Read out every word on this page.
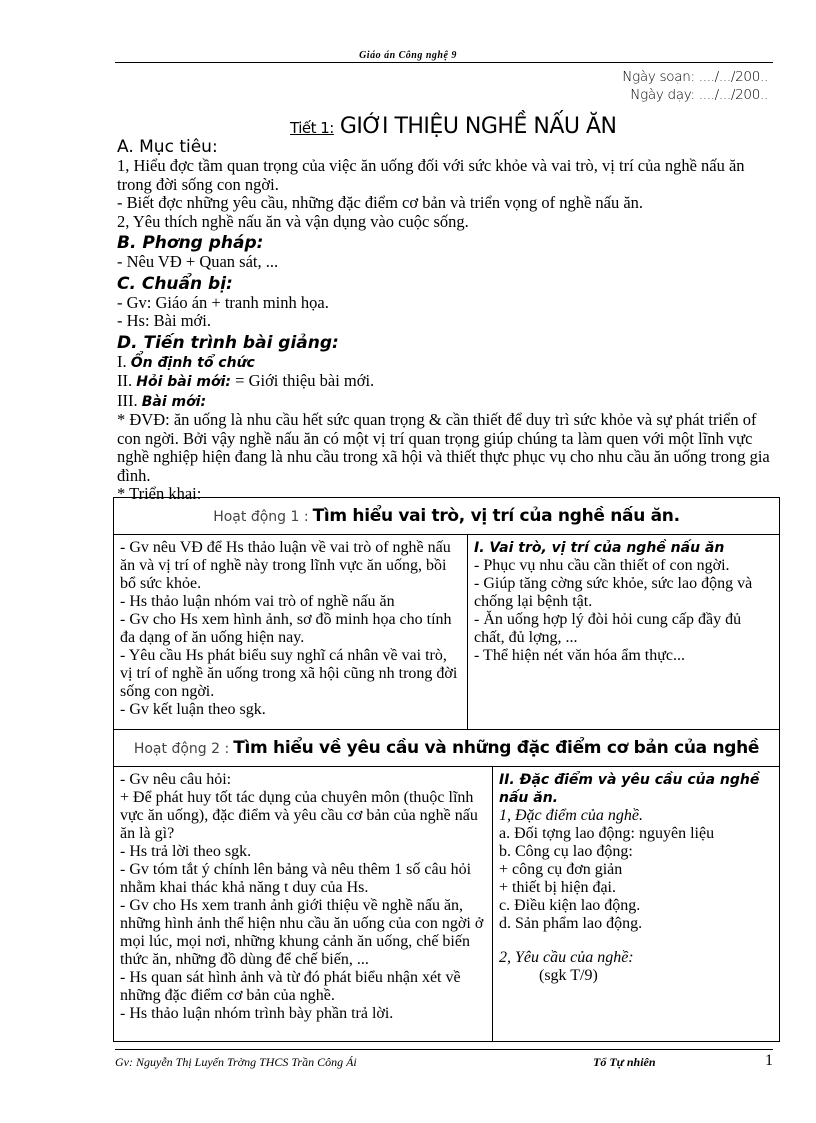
Giáo án Công nghệ 9
Ngày soạn: ..../.../200..
Ngày dạy: ..../.../200..
Tiết 1: GIỚI THIỆU NGHỀ NẤU ĂN

A. Mục tiêu:

1, Hiểu đợc tầm quan trọng của việc ăn uống đối với sức khỏe và vai trò, vị trí của nghề nấu ăn trong đời sống con ngời.

- Biết đợc những yêu cầu, những đặc điểm cơ bản và triển vọng of nghề nấu ăn.

2, Yêu thích nghề nấu ăn và vận dụng vào cuộc sống.

B. Phơng pháp:

- Nêu VĐ + Quan sát, ...

C. Chuẩn bị:

- Gv: Giáo án + tranh minh họa.

- Hs: Bài mới.

D. Tiến trình bài giảng:

I. Ổn định tổ chức

II. Hỏi bài mới: = Giới thiệu bài mới.

III. Bài mới:

* ĐVĐ: ăn uống là nhu cầu hết sức quan trọng & cần thiết để duy trì sức khỏe và sự phát triển of con ngời. Bởi vậy nghề nấu ăn có một vị trí quan trọng giúp chúng ta làm quen với một lĩnh vực nghề nghiệp hiện đang là nhu cầu trong xã hội và thiết thực phục vụ cho nhu cầu ăn uống trong gia đình.

* Triển khai:

Hoạt động 1 : Tìm hiểu vai trò, vị trí của nghề nấu ăn.

- Gv nêu VĐ để Hs thảo luận về vai trò of nghề nấu ăn và vị trí of nghề này trong lĩnh vực ăn uống, bồi bổ sức khỏe.

- Hs thảo luận nhóm vai trò of nghề nấu ăn

- Gv cho Hs xem hình ảnh, sơ đồ minh họa cho tính đa dạng of ăn uống hiện nay.

- Yêu cầu Hs phát biểu suy nghĩ cá nhân về vai trò, vị trí of nghề ăn uống trong xã hội cũng nh trong đời sống con ngời.

- Gv kết luận theo sgk.

I. Vai trò, vị trí của nghề nấu ăn

- Phục vụ nhu cầu cần thiết of con ngời.

- Giúp tăng cờng sức khỏe, sức lao động và chống lại bệnh tật.

- Ăn uống hợp lý đòi hỏi cung cấp đầy đủ chất, đủ lợng, ...

- Thể hiện nét văn hóa ẩm thực...

Hoạt động 2 : Tìm hiểu về yêu cầu và những đặc điểm cơ bản của nghề

- Gv nêu câu hỏi:

+ Để phát huy tốt tác dụng của chuyên môn (thuộc lĩnh vực ăn uống), đặc điểm và yêu cầu cơ bản của nghề nấu ăn là gì?

- Hs trả lời theo sgk.

- Gv tóm tắt ý chính lên bảng và nêu thêm 1 số câu hỏi nhằm khai thác khả năng t duy của Hs.

- Gv cho Hs xem tranh ảnh giới thiệu về nghề nấu ăn, những hình ảnh thể hiện nhu cầu ăn uống của con ngời ở mọi lúc, mọi nơi, những khung cảnh ăn uống, chế biến thức ăn, những đồ dùng để chế biến, ...

- Hs quan sát hình ảnh và từ đó phát biểu nhận xét về những đặc điểm cơ bản của nghề.

- Hs thảo luận nhóm trình bày phần trả lời.

II. Đặc điểm và yêu cầu của nghề nấu ăn.

1, Đặc điểm của nghề.

a. Đối tợng lao động: nguyên liệu

b. Công cụ lao động:

+ công cụ đơn giản

+ thiết bị hiện đại.

c. Điều kiện lao động.

d. Sản phẩm lao động.

2, Yêu cầu của nghề:

(sgk T/9)

Gv: Nguyễn Thị Luyến Trờng THCS Trần Công Ái	Tổ Tự nhiên	1
